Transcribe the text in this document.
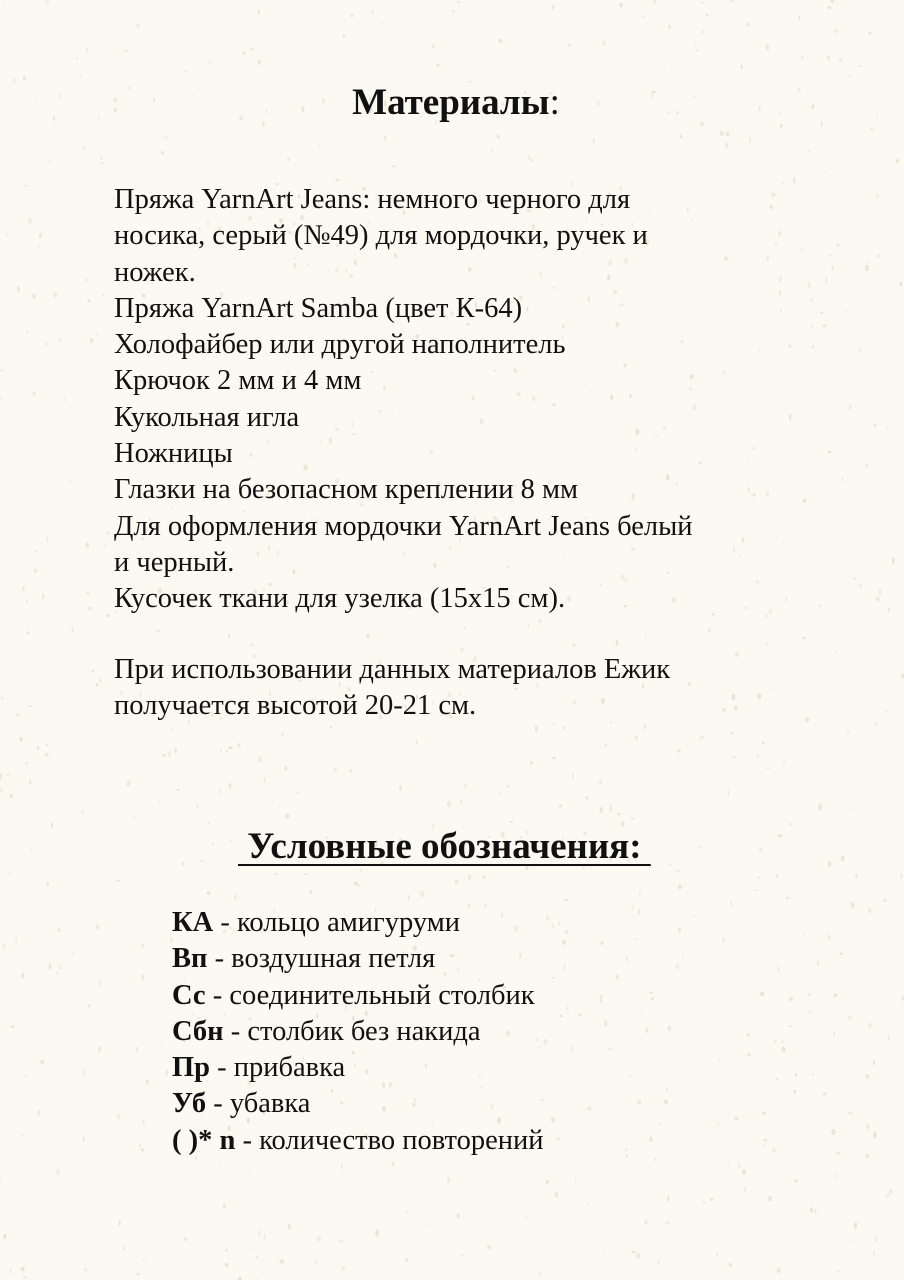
Материалы:

Пряжа YarnArt Jeans: немного черного для

носика, серый (№49) для мордочки, ручек и

ножек.

Пряжа YarnArt Samba (цвет К-64)

Холофайбер или другой наполнитель

Крючок 2 мм и 4 мм

Кукольная игла

Ножницы

Глазки на безопасном креплении 8 мм

Для оформления мордочки YarnArt Jeans белый

и черный.

Кусочек ткани для узелка (15х15 см).

При использовании данных материалов Ежик

получается высотой 20-21 см.

Условные обозначения:
КА - кольцо амигуруми
Вп - воздушная петля
Сс - соединительный столбик
Сбн - столбик без накида
Пр - прибавка
Уб - убавка
( )* n - количество повторений
